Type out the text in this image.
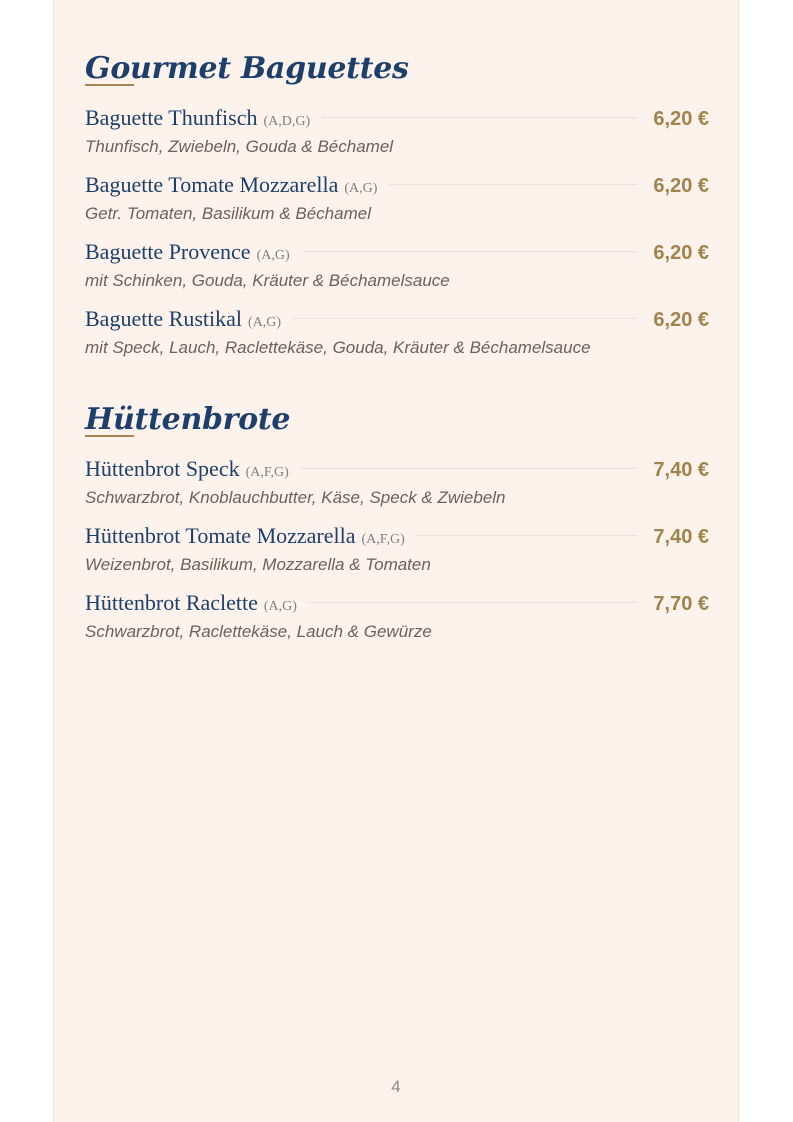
Gourmet Baguettes
Baguette Thunfisch (A,D,G)	6,20 €
Thunfisch, Zwiebeln, Gouda & Béchamel
Baguette Tomate Mozzarella (A,G)	6,20 €
Getr. Tomaten, Basilikum & Béchamel
Baguette Provence (A,G)	6,20 €
mit Schinken, Gouda, Kräuter & Béchamelsauce
Baguette Rustikal (A,G)	6,20 €
mit Speck, Lauch, Raclettekäse, Gouda, Kräuter & Béchamelsauce
Hüttenbrote
Hüttenbrot Speck (A,F,G)	7,40 €
Schwarzbrot, Knoblauchbutter, Käse, Speck & Zwiebeln
Hüttenbrot Tomate Mozzarella (A,F,G)	7,40 €
Weizenbrot, Basilikum, Mozzarella & Tomaten
Hüttenbrot Raclette (A,G)	7,70 €
Schwarzbrot, Raclettekäse, Lauch & Gewürze
4
